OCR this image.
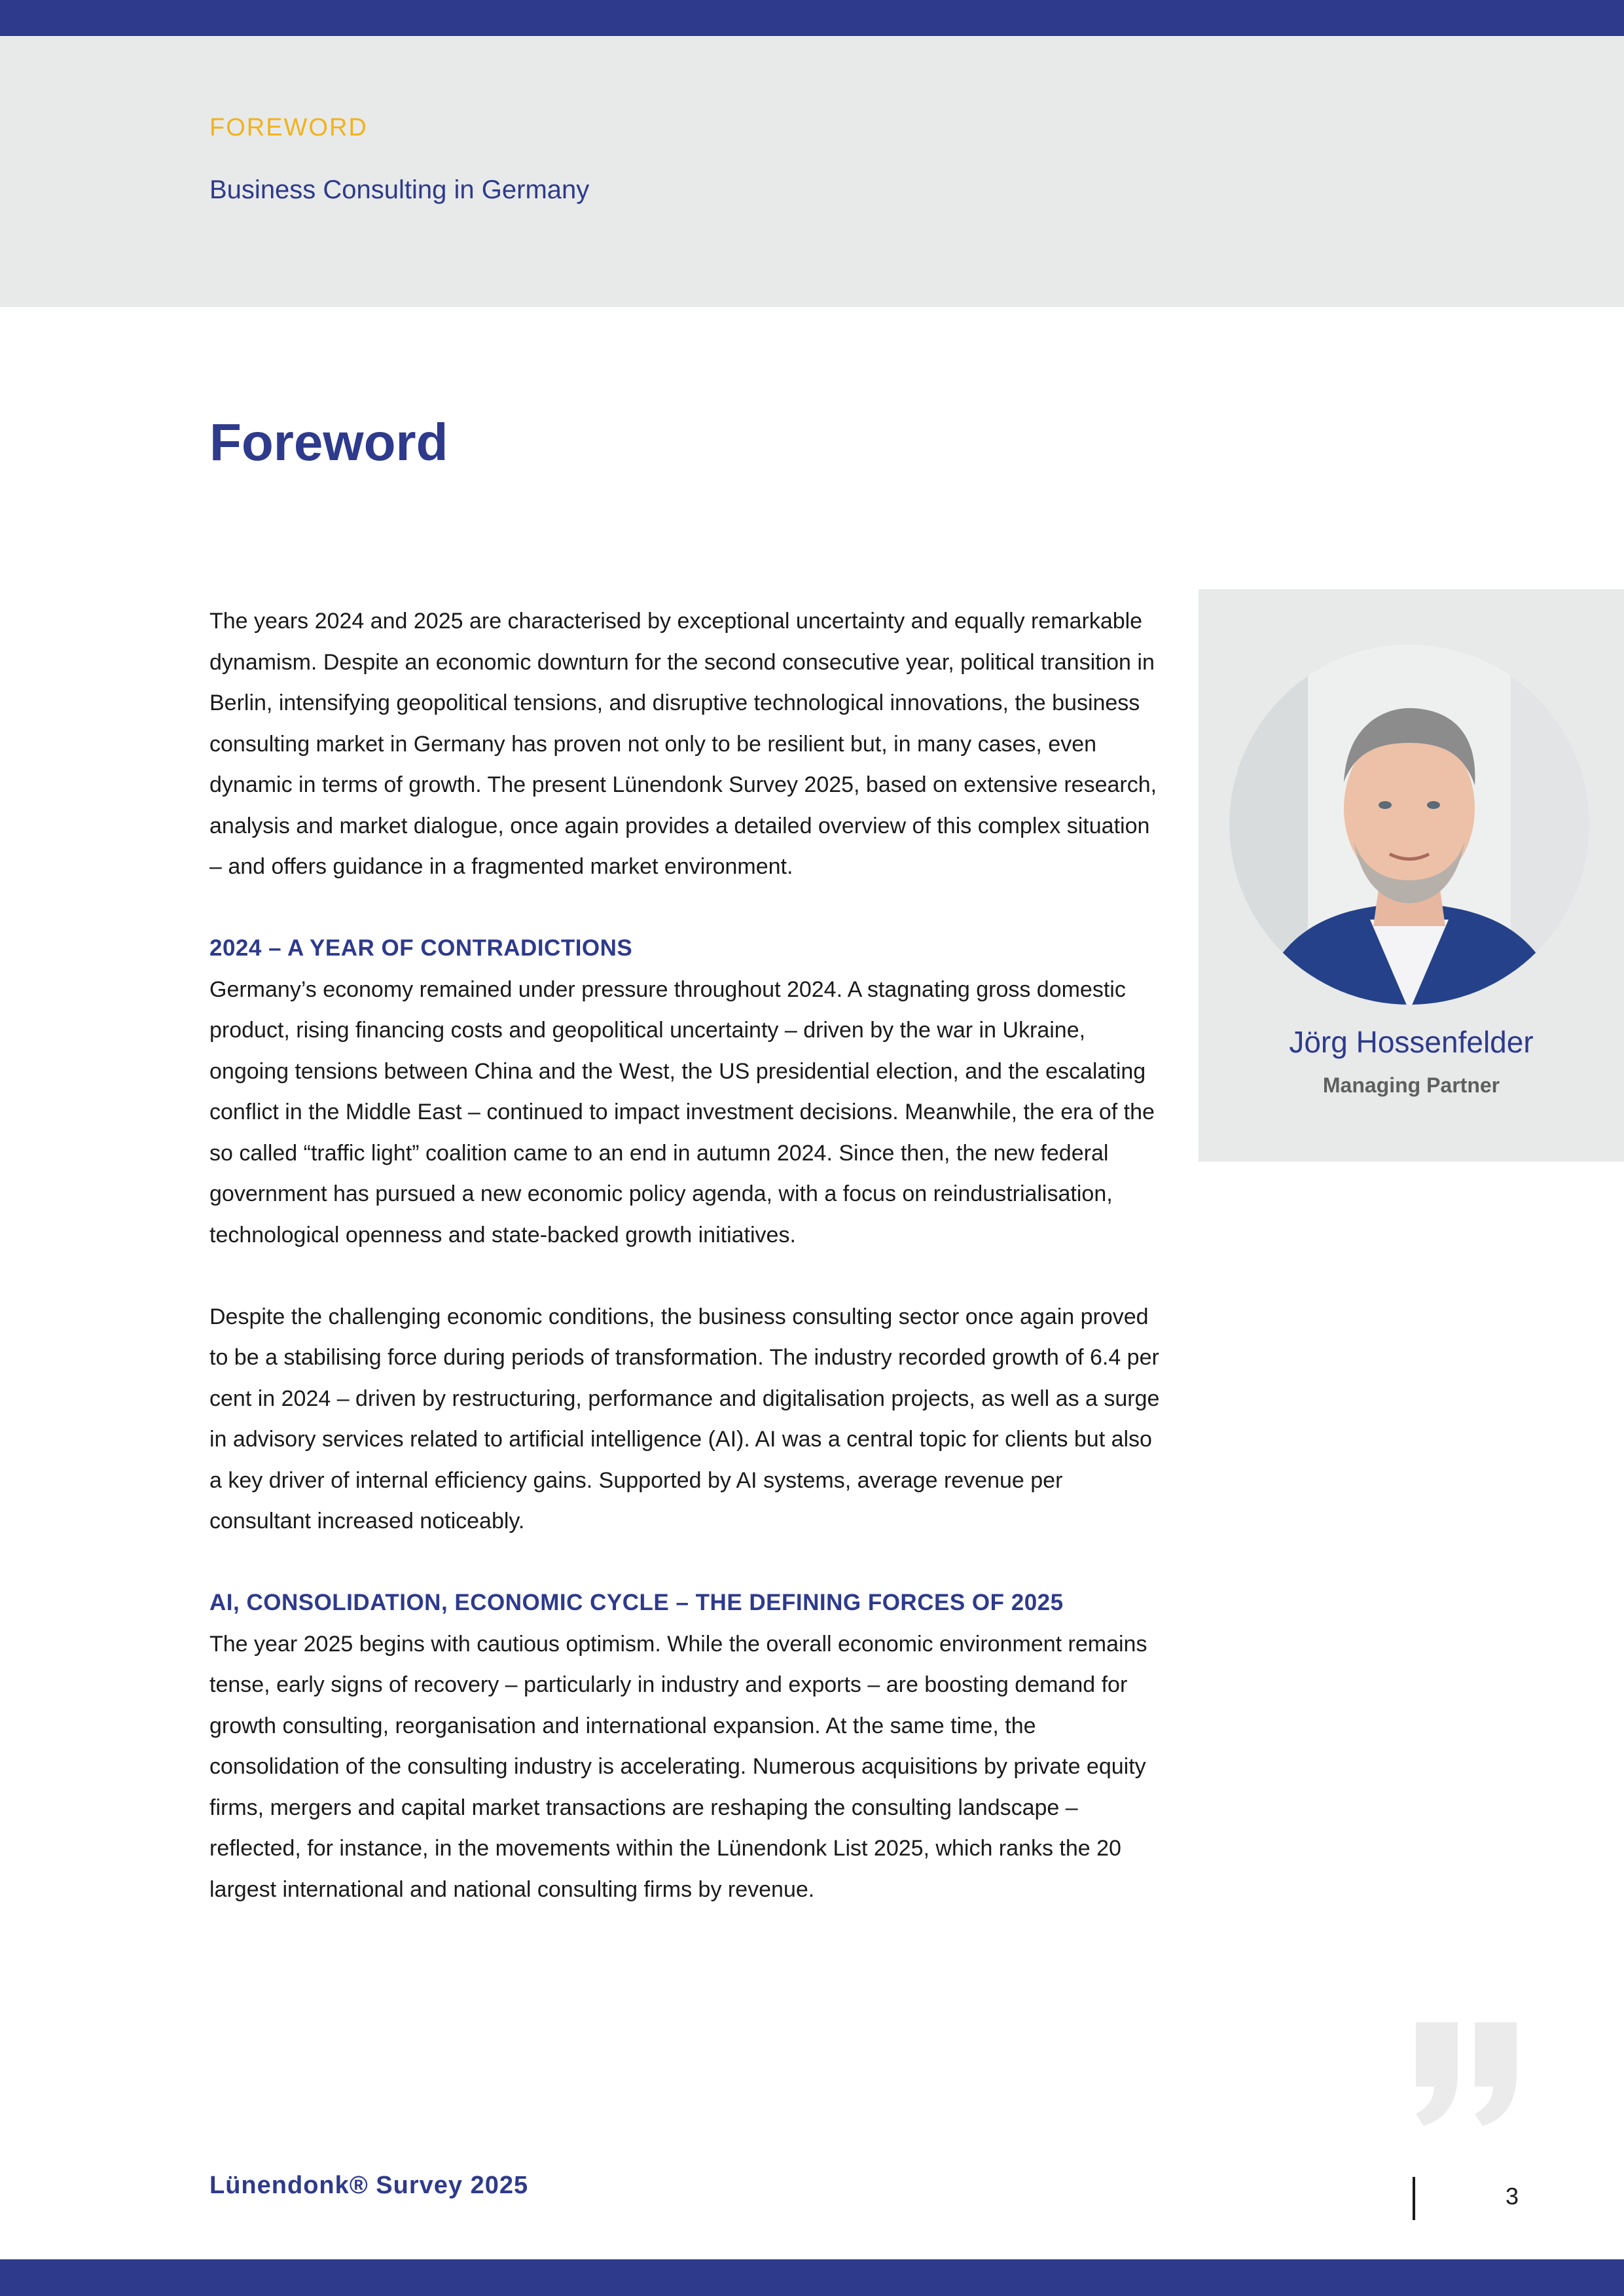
FOREWORD
Business Consulting in Germany
Foreword

The years 2024 and 2025 are characterised by exceptional uncertainty and equally remarkable dynamism. Despite an economic downturn for the second consecutive year, political transition in Berlin, intensifying geopolitical tensions, and disruptive technological innovations, the business consulting market in Germany has proven not only to be resilient but, in many cases, even dynamic in terms of growth. The present Lünendonk Survey 2025, based on extensive research, analysis and market dialogue, once again provides a detailed overview of this complex situation – and offers guidance in a fragmented market environment.

2024 – A YEAR OF CONTRADICTIONS

Germany’s economy remained under pressure throughout 2024. A stagnating gross domestic product, rising financing costs and geopolitical uncertainty – driven by the war in Ukraine, ongoing tensions between China and the West, the US presidential election, and the escalating conflict in the Middle East – continued to impact investment decisions. Meanwhile, the era of the so called “traffic light” coalition came to an end in autumn 2024. Since then, the new federal government has pursued a new economic policy agenda, with a focus on reindustrialisation, technological openness and state-backed growth initiatives.

Despite the challenging economic conditions, the business consulting sector once again proved to be a stabilising force during periods of transformation. The industry recorded growth of 6.4 per cent in 2024 – driven by restructuring, performance and digitalisation projects, as well as a surge in advisory services related to artificial intelligence (AI). AI was a central topic for clients but also a key driver of internal efficiency gains. Supported by AI systems, average revenue per consultant increased noticeably.

AI, CONSOLIDATION, ECONOMIC CYCLE – THE DEFINING FORCES OF 2025

The year 2025 begins with cautious optimism. While the overall economic environment remains tense, early signs of recovery – particularly in industry and exports – are boosting demand for growth consulting, reorganisation and international expansion. At the same time, the consolidation of the consulting industry is accelerating. Numerous acquisitions by private equity firms, mergers and capital market transactions are reshaping the consulting landscape – reflected, for instance, in the movements within the Lünendonk List 2025, which ranks the 20 largest international and national consulting firms by revenue.

Jörg Hossenfelder
Managing Partner
Lünendonk® Survey 2025	3
